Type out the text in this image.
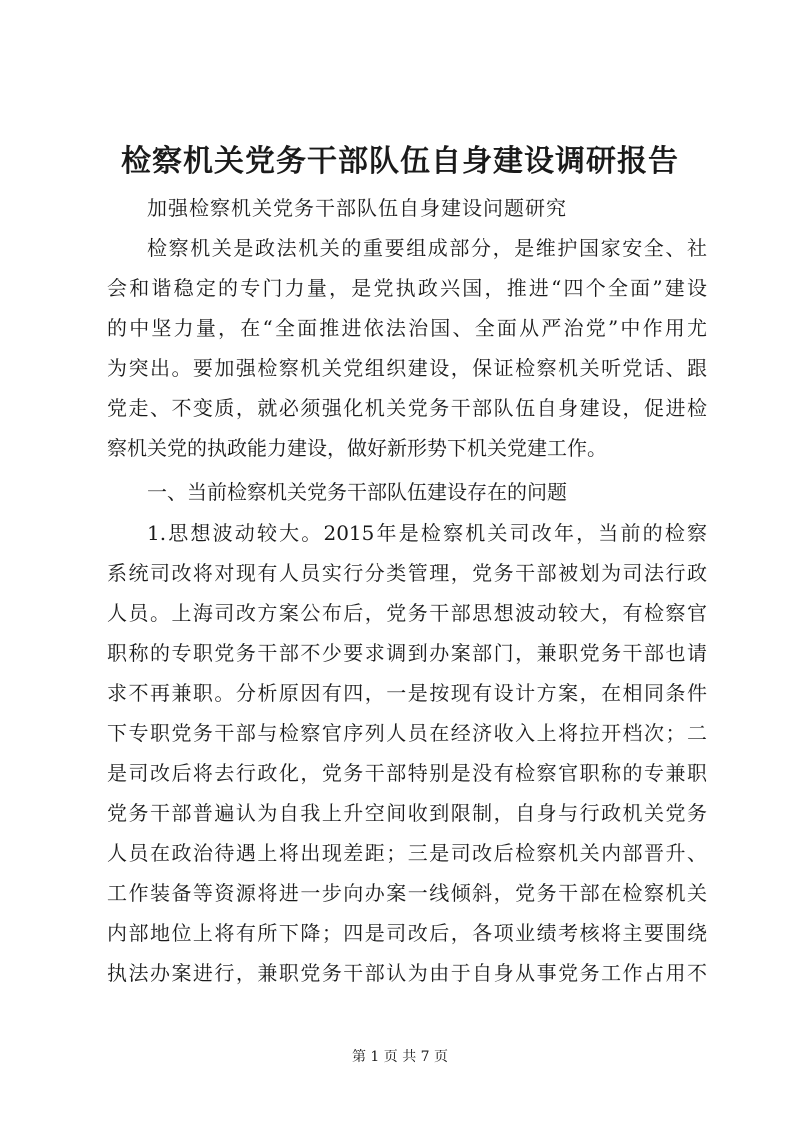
检察机关党务干部队伍自身建设调研报告
加强检察机关党务干部队伍自身建设问题研究
检察机关是政法机关的重要组成部分，是维护国家安全、社
会和谐稳定的专门力量，是党执政兴国，推进“四个全面”建设
的中坚力量，在“全面推进依法治国、全面从严治党”中作用尤
为突出。要加强检察机关党组织建设，保证检察机关听党话、跟
党走、不变质，就必须强化机关党务干部队伍自身建设，促进检
察机关党的执政能力建设，做好新形势下机关党建工作。
一、当前检察机关党务干部队伍建设存在的问题
1.思想波动较大。2015年是检察机关司改年，当前的检察
系统司改将对现有人员实行分类管理，党务干部被划为司法行政
人员。上海司改方案公布后，党务干部思想波动较大，有检察官
职称的专职党务干部不少要求调到办案部门，兼职党务干部也请
求不再兼职。分析原因有四，一是按现有设计方案，在相同条件
下专职党务干部与检察官序列人员在经济收入上将拉开档次；二
是司改后将去行政化，党务干部特别是没有检察官职称的专兼职
党务干部普遍认为自我上升空间收到限制，自身与行政机关党务
人员在政治待遇上将出现差距；三是司改后检察机关内部晋升、
工作装备等资源将进一步向办案一线倾斜，党务干部在检察机关
内部地位上将有所下降；四是司改后，各项业绩考核将主要围绕
执法办案进行，兼职党务干部认为由于自身从事党务工作占用不
第 1 页 共 7 页
